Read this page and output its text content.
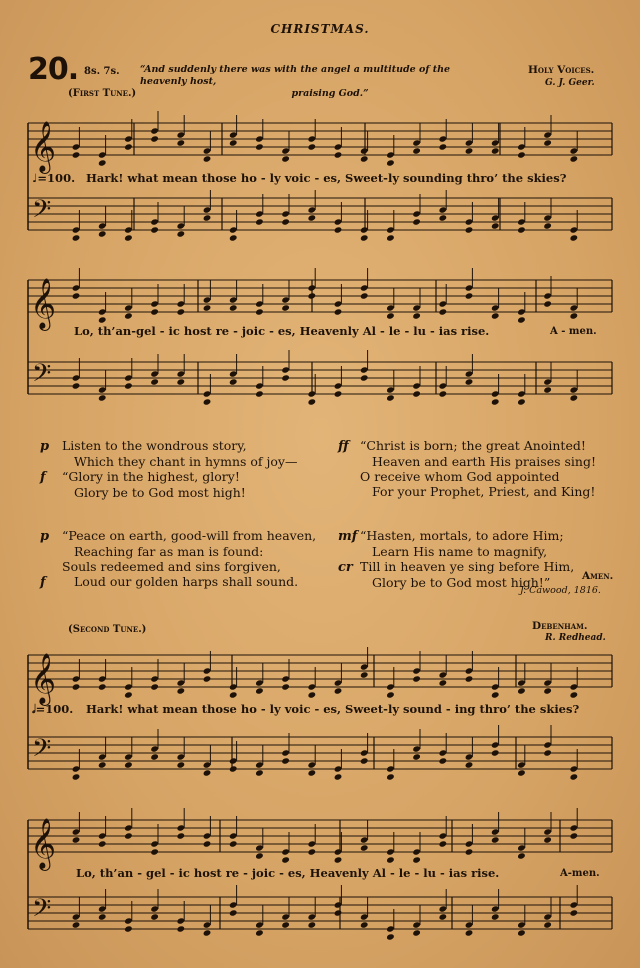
CHRISTMAS.
20. 8s. 7s. “And suddenly there was with the angel a multitude of the heavenly host,
praising God.”
Holy Voices.
G. J. Geer.
(First Tune.)
𝄞
𝄢
𝄞
𝄢
𝄞
𝄢
𝄞
𝄢
♩=100. Hark! what mean those ho - ly voic - es, Sweet-ly sounding thro’ the skies?
Lo, th’an-gel - ic host re - joic - es, Heavenly Al - le - lu - ias rise.	A - men.
p Listen to the wondrous story,
Which they chant in hymns of joy—
f “Glory in the highest, glory!
Glory be to God most high!
ff “Christ is born; the great Anointed!
Heaven and earth His praises sing!
O receive whom God appointed
For your Prophet, Priest, and King!
p “Peace on earth, good-will from heaven,
Reaching far as man is found:
Souls redeemed and sins forgiven,
f Loud our golden harps shall sound.
mf “Hasten, mortals, to adore Him;
Learn His name to magnify,
cr Till in heaven ye sing before Him,
Glory be to God most high!”	Amen.
J. Cawood, 1816.
(Second Tune.)	Debenham.
R. Redhead.
𝅗𝅥=100. Hark! what mean those ho - ly voic - es, Sweet-ly sound - ing thro’ the skies?
Lo, th’an - gel - ic host re - joic - es, Heavenly Al - le - lu - ias rise.	A-men.
